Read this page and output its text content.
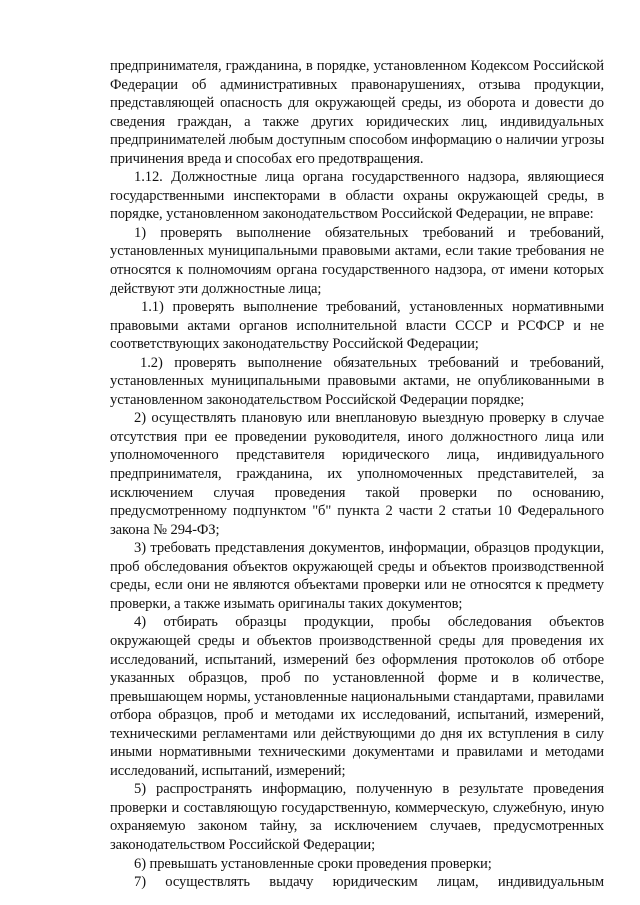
предпринимателя, гражданина, в порядке, установленном Кодексом Российской
Федерации об административных правонарушениях, отзыва продукции,
представляющей опасность для окружающей среды, из оборота и довести до
сведения граждан, а также других юридических лиц, индивидуальных
предпринимателей любым доступным способом информацию о наличии угрозы
причинения вреда и способах его предотвращения.
1.12. Должностные лица органа государственного надзора, являющиеся
государственными инспекторами в области охраны окружающей среды, в
порядке, установленном законодательством Российской Федерации, не вправе:
1) проверять выполнение обязательных требований и требований,
установленных муниципальными правовыми актами, если такие требования не
относятся к полномочиям органа государственного надзора, от имени которых
действуют эти должностные лица;
1.1) проверять выполнение требований, установленных нормативными
правовыми актами органов исполнительной власти СССР и РСФСР и не
соответствующих законодательству Российской Федерации;
1.2) проверять выполнение обязательных требований и требований,
установленных муниципальными правовыми актами, не опубликованными в
установленном законодательством Российской Федерации порядке;
2) осуществлять плановую или внеплановую выездную проверку в случае
отсутствия при ее проведении руководителя, иного должностного лица или
уполномоченного представителя юридического лица, индивидуального
предпринимателя, гражданина, их уполномоченных представителей, за
исключением случая проведения такой проверки по основанию,
предусмотренному подпунктом "б" пункта 2 части 2 статьи 10 Федерального
закона № 294-ФЗ;
3) требовать представления документов, информации, образцов продукции,
проб обследования объектов окружающей среды и объектов производственной
среды, если они не являются объектами проверки или не относятся к предмету
проверки, а также изымать оригиналы таких документов;
4) отбирать образцы продукции, пробы обследования объектов
окружающей среды и объектов производственной среды для проведения их
исследований, испытаний, измерений без оформления протоколов об отборе
указанных образцов, проб по установленной форме и в количестве,
превышающем нормы, установленные национальными стандартами, правилами
отбора образцов, проб и методами их исследований, испытаний, измерений,
техническими регламентами или действующими до дня их вступления в силу
иными нормативными техническими документами и правилами и методами
исследований, испытаний, измерений;
5) распространять информацию, полученную в результате проведения
проверки и составляющую государственную, коммерческую, служебную, иную
охраняемую законом тайну, за исключением случаев, предусмотренных
законодательством Российской Федерации;
6) превышать установленные сроки проведения проверки;
7) осуществлять выдачу юридическим лицам, индивидуальным
